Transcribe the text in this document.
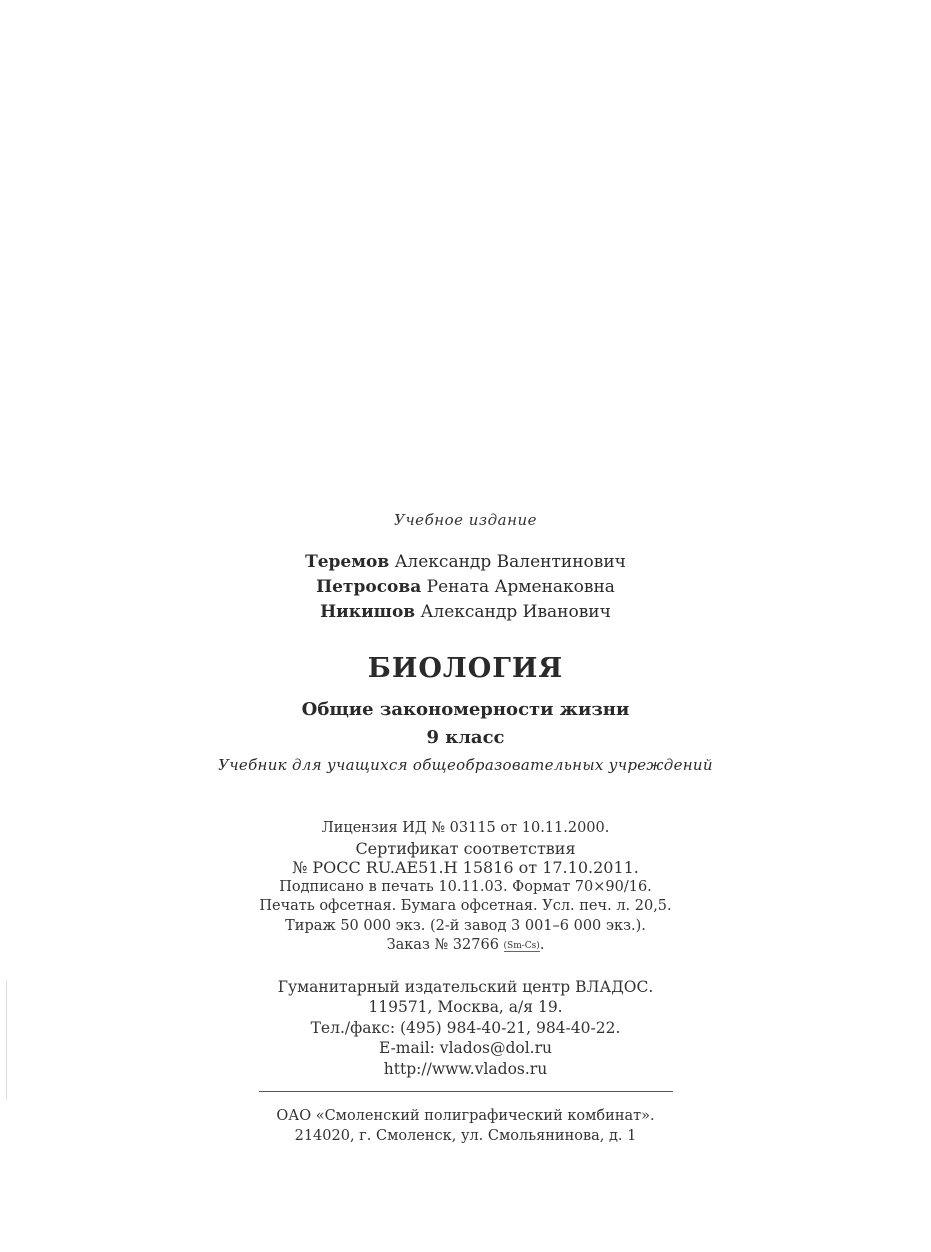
Учебное издание
Теремов Александр Валентинович
Петросова Рената Арменаковна
Никишов Александр Иванович
БИОЛОГИЯ
Общие закономерности жизни
9 класс
Учебник для учащихся общеобразовательных учреждений
Лицензия ИД № 03115 от 10.11.2000.
Сертификат соответствия
№ РОСС RU.AE51.H 15816 от 17.10.2011.
Подписано в печать 10.11.03. Формат 70×90/16.
Печать офсетная. Бумага офсетная. Усл. печ. л. 20,5.
Тираж 50 000 экз. (2-й завод 3 001–6 000 экз.).
Заказ № 32766 (Sm-Cs).
Гуманитарный издательский центр ВЛАДОС.
119571, Москва, а/я 19.
Тел./факс: (495) 984-40-21, 984-40-22.
E-mail: vlados@dol.ru
http://www.vlados.ru
ОАО «Смоленский полиграфический комбинат».
214020, г. Смоленск, ул. Смольянинова, д. 1
